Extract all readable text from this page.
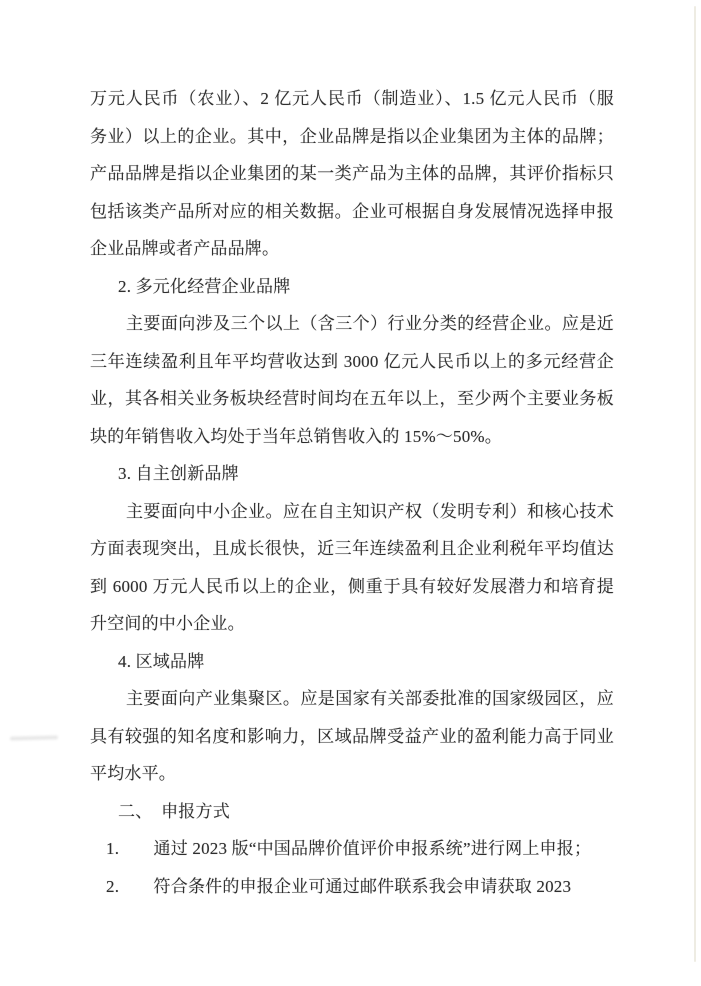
万元人民币（农业）、2 亿元人民币（制造业）、1.5 亿元人民币（服
务业）以上的企业。其中，企业品牌是指以企业集团为主体的品牌；
产品品牌是指以企业集团的某一类产品为主体的品牌，其评价指标只
包括该类产品所对应的相关数据。企业可根据自身发展情况选择申报
企业品牌或者产品品牌。
2. 多元化经营企业品牌
主要面向涉及三个以上（含三个）行业分类的经营企业。应是近
三年连续盈利且年平均营收达到 3000 亿元人民币以上的多元经营企
业，其各相关业务板块经营时间均在五年以上，至少两个主要业务板
块的年销售收入均处于当年总销售收入的 15%～50%。
3. 自主创新品牌
主要面向中小企业。应在自主知识产权（发明专利）和核心技术
方面表现突出，且成长很快，近三年连续盈利且企业利税年平均值达
到 6000 万元人民币以上的企业，侧重于具有较好发展潜力和培育提
升空间的中小企业。
4. 区域品牌
主要面向产业集聚区。应是国家有关部委批准的国家级园区，应
具有较强的知名度和影响力，区域品牌受益产业的盈利能力高于同业
平均水平。
二、　申报方式
1.　　通过 2023 版“中国品牌价值评价申报系统”进行网上申报；
2.　　符合条件的申报企业可通过邮件联系我会申请获取 2023
